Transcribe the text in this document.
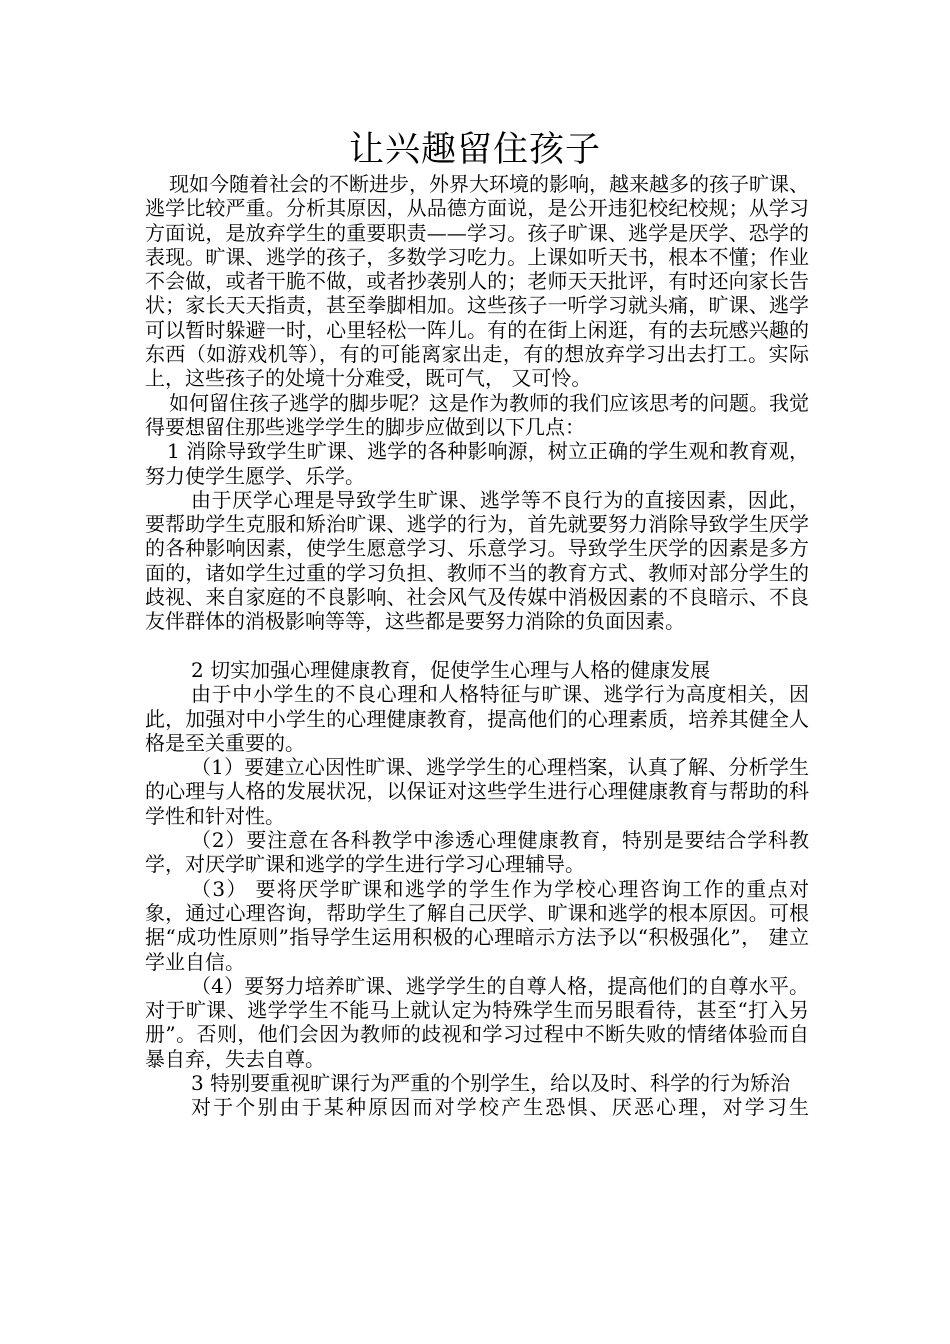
让兴趣留住孩子

现如今随着社会的不断进步，外界大环境的影响，越来越多的孩子旷课、逃学比较严重。分析其原因，从品德方面说，是公开违犯校纪校规；从学习方面说，是放弃学生的重要职责——学习。孩子旷课、逃学是厌学、恐学的表现。旷课、逃学的孩子，多数学习吃力。上课如听天书，根本不懂；作业不会做，或者干脆不做，或者抄袭别人的；老师天天批评，有时还向家长告状；家长天天指责，甚至拳脚相加。这些孩子一听学习就头痛，旷课、逃学可以暂时躲避一时，心里轻松一阵儿。有的在街上闲逛，有的去玩感兴趣的东西（如游戏机等），有的可能离家出走，有的想放弃学习出去打工。实际上，这些孩子的处境十分难受，既可气， 又可怜。

如何留住孩子逃学的脚步呢？这是作为教师的我们应该思考的问题。我觉得要想留住那些逃学学生的脚步应做到以下几点：

1 消除导致学生旷课、逃学的各种影响源，树立正确的学生观和教育观，努力使学生愿学、乐学。

由于厌学心理是导致学生旷课、逃学等不良行为的直接因素，因此，要帮助学生克服和矫治旷课、逃学的行为，首先就要努力消除导致学生厌学的各种影响因素，使学生愿意学习、乐意学习。导致学生厌学的因素是多方面的，诸如学生过重的学习负担、教师不当的教育方式、教师对部分学生的歧视、来自家庭的不良影响、社会风气及传媒中消极因素的不良暗示、不良友伴群体的消极影响等等，这些都是要努力消除的负面因素。

2 切实加强心理健康教育，促使学生心理与人格的健康发展

由于中小学生的不良心理和人格特征与旷课、逃学行为高度相关，因此，加强对中小学生的心理健康教育，提高他们的心理素质，培养其健全人格是至关重要的。

（1）要建立心因性旷课、逃学学生的心理档案，认真了解、分析学生的心理与人格的发展状况，以保证对这些学生进行心理健康教育与帮助的科学性和针对性。

（2）要注意在各科教学中渗透心理健康教育，特别是要结合学科教学，对厌学旷课和逃学的学生进行学习心理辅导。

（3） 要将厌学旷课和逃学的学生作为学校心理咨询工作的重点对象，通过心理咨询，帮助学生了解自己厌学、旷课和逃学的根本原因。可根据“成功性原则”指导学生运用积极的心理暗示方法予以“积极强化”， 建立学业自信。

（4）要努力培养旷课、逃学学生的自尊人格，提高他们的自尊水平。对于旷课、逃学学生不能马上就认定为特殊学生而另眼看待，甚至“打入另册”。否则，他们会因为教师的歧视和学习过程中不断失败的情绪体验而自暴自弃，失去自尊。

3 特别要重视旷课行为严重的个别学生，给以及时、科学的行为矫治

对于个别由于某种原因而对学校产生恐惧、厌恶心理，对学习生
